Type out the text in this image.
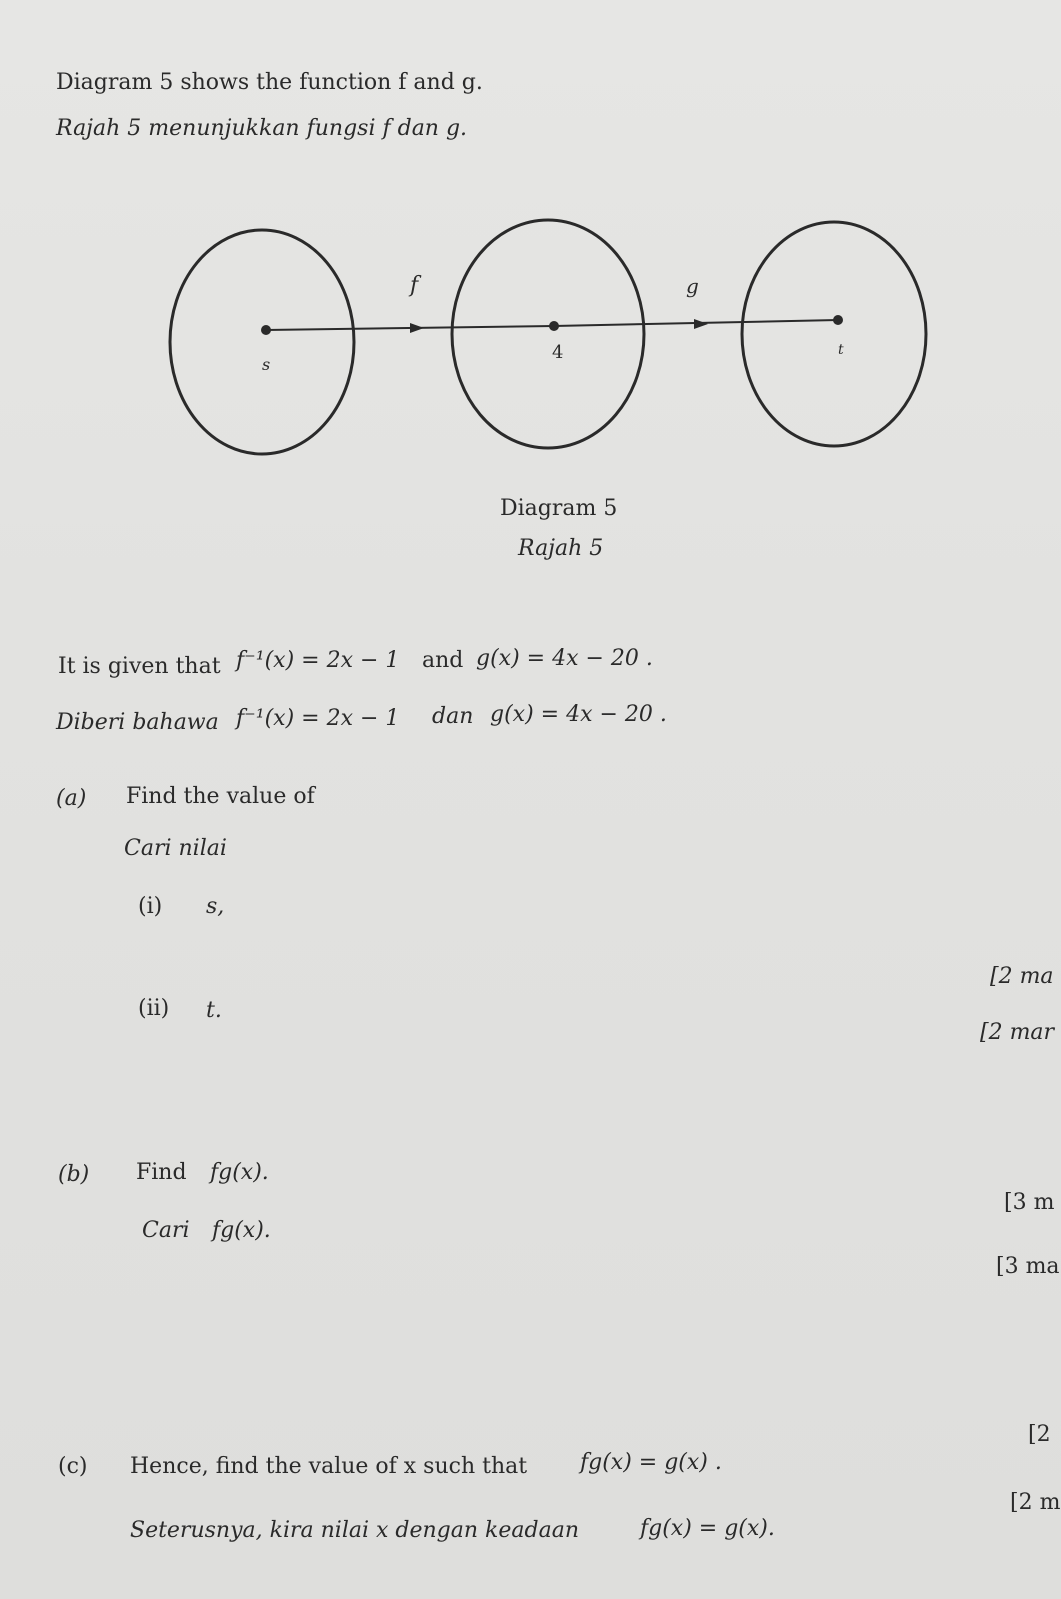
Diagram 5 shows the function f and g.
Rajah 5 menunjukkan fungsi f dan g.
f	g
s
4	t
Diagram 5
Rajah 5
It is given that f⁻¹(x) = 2x − 1 and g(x) = 4x − 20 .
Diberi bahawa f⁻¹(x) = 2x − 1 dan g(x) = 4x − 20 .
(a) Find the value of
Cari nilai
(i) s,
[2 ma
(ii) t.
[2 mar
(b) Find fg(x).
[3 m
Cari fg(x).
[3 ma
[2
(c) Hence, find the value of x such that fg(x) = g(x) .
[2 m
Seterusnya, kira nilai x dengan keadaan	fg(x) = g(x).
